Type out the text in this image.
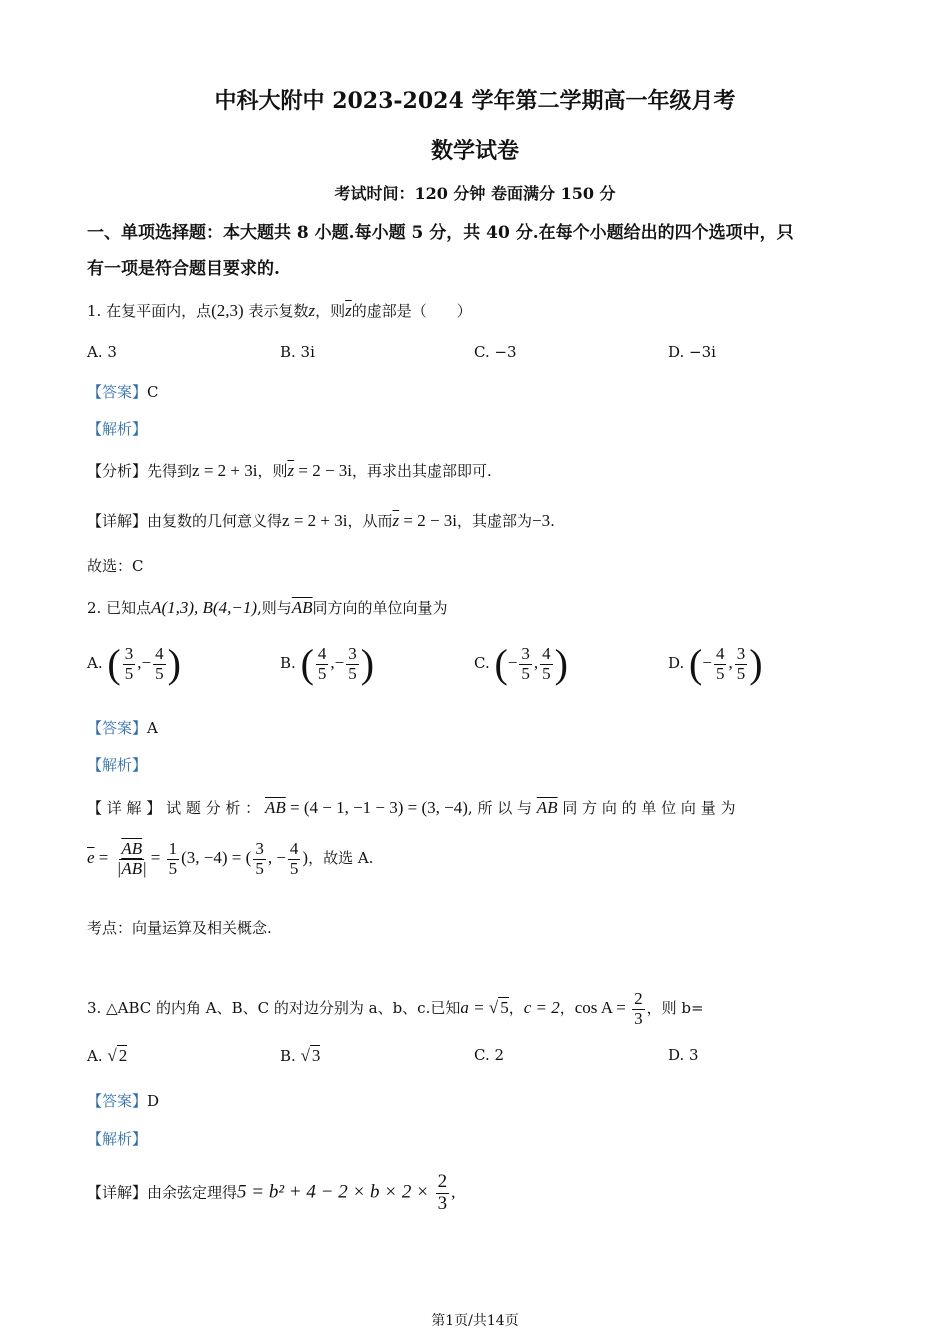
中科大附中 2023-2024 学年第二学期高一年级月考
数学试卷
考试时间：120 分钟 卷面满分 150 分
一、单项选择题：本大题共 8 小题.每小题 5 分，共 40 分.在每个小题给出的四个选项中，只
有一项是符合题目要求的.
1. 在复平面内，点(2,3) 表示复数z，则$\overline{z}$的虚部是（　　）
A. 3	B. 3i	C. −3	D. −3i
【答案】C
【解析】
【分析】先得到z = 2 + 3i，则$\overline{z} = 2 - 3i$，再求出其虚部即可.
【详解】由复数的几何意义得z = 2 + 3i，从而$\overline{z} = 2 - 3i$，其虚部为−3.
故选：C
2. 已知点A(1,3), B(4,−1),则与$\overline{AB}$同方向的单位向量为
A. ( $\frac{3}{5}$ ,− $\frac{4}{5}$ )	B. ( $\frac{4}{5}$ ,− $\frac{3}{5}$ )	C. (− $\frac{3}{5}$ , $\frac{4}{5}$ )	D. (− $\frac{4}{5}$ , $\frac{3}{5}$ )
【答案】A
【解析】
【 详 解 】 试 题 分 析 ： $\overline{AB} = (4 - 1$, −1 − 3) = (3, −4), 所 以 与 $\overline{AB}$ 同 方 向 的 单 位 向 量 为
$\overline{e} = \frac{\overline{AB}}{|\overline{AB}|} = \frac{1}{5} (3$, −4) = ( $\frac{3}{5}$ , − $\frac{4}{5}$ )，故选 A.
考点：向量运算及相关概念.
3. △ABC 的内角 A、B、C 的对边分别为 a、b、c.已知a = √ 5，c = 2，$\cos A = \frac{2}{3}$ ，则 b=
A. √ 2	B. √ 3	C. 2	D. 3
【答案】D
【解析】
【详解】由余弦定理得$5 = b^2 + 4 - 2 \times b \times 2 \times \frac{2}{3}$ ,
第1页/共14页
